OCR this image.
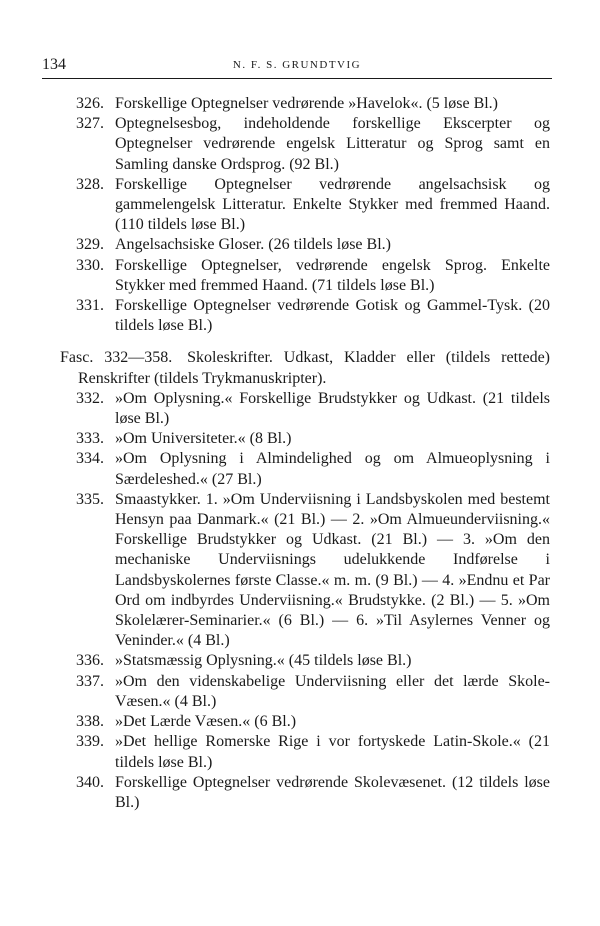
134	N. F. S. GRUNDTVIG
326. Forskellige Optegnelser vedrørende »Havelok«. (5 løse Bl.)
327. Optegnelsesbog, indeholdende forskellige Ekscerpter og Optegnelser vedrørende engelsk Litteratur og Sprog samt en Samling danske Ordsprog. (92 Bl.)
328. Forskellige Optegnelser vedrørende angelsachsisk og gammelengelsk Litteratur. Enkelte Stykker med fremmed Haand. (110 tildels løse Bl.)
329. Angelsachsiske Gloser. (26 tildels løse Bl.)
330. Forskellige Optegnelser, vedrørende engelsk Sprog. Enkelte Stykker med fremmed Haand. (71 tildels løse Bl.)
331. Forskellige Optegnelser vedrørende Gotisk og Gammel-Tysk. (20 tildels løse Bl.)
Fasc. 332—358. Skoleskrifter. Udkast, Kladder eller (tildels rettede) Renskrifter (tildels Trykmanuskripter).
332. »Om Oplysning.« Forskellige Brudstykker og Udkast. (21 tildels løse Bl.)
333. »Om Universiteter.« (8 Bl.)
334. »Om Oplysning i Almindelighed og om Almueoplysning i Særdeleshed.« (27 Bl.)
335. Smaastykker. 1. »Om Underviisning i Landsbyskolen med bestemt Hensyn paa Danmark.« (21 Bl.) — 2. »Om Almueunderviisning.« Forskellige Brudstykker og Udkast. (21 Bl.) — 3. »Om den mechaniske Underviisnings udelukkende Indførelse i Landsbyskolernes første Classe.« m. m. (9 Bl.) — 4. »Endnu et Par Ord om indbyrdes Underviisning.« Brudstykke. (2 Bl.) — 5. »Om Skolelærer-Seminarier.« (6 Bl.) — 6. »Til Asylernes Venner og Veninder.« (4 Bl.)
336. »Statsmæssig Oplysning.« (45 tildels løse Bl.)
337. »Om den videnskabelige Underviisning eller det lærde Skole-Væsen.« (4 Bl.)
338. »Det Lærde Væsen.« (6 Bl.)
339. »Det hellige Romerske Rige i vor fortyskede Latin-Skole.« (21 tildels løse Bl.)
340. Forskellige Optegnelser vedrørende Skolevæsenet. (12 tildels løse Bl.)
